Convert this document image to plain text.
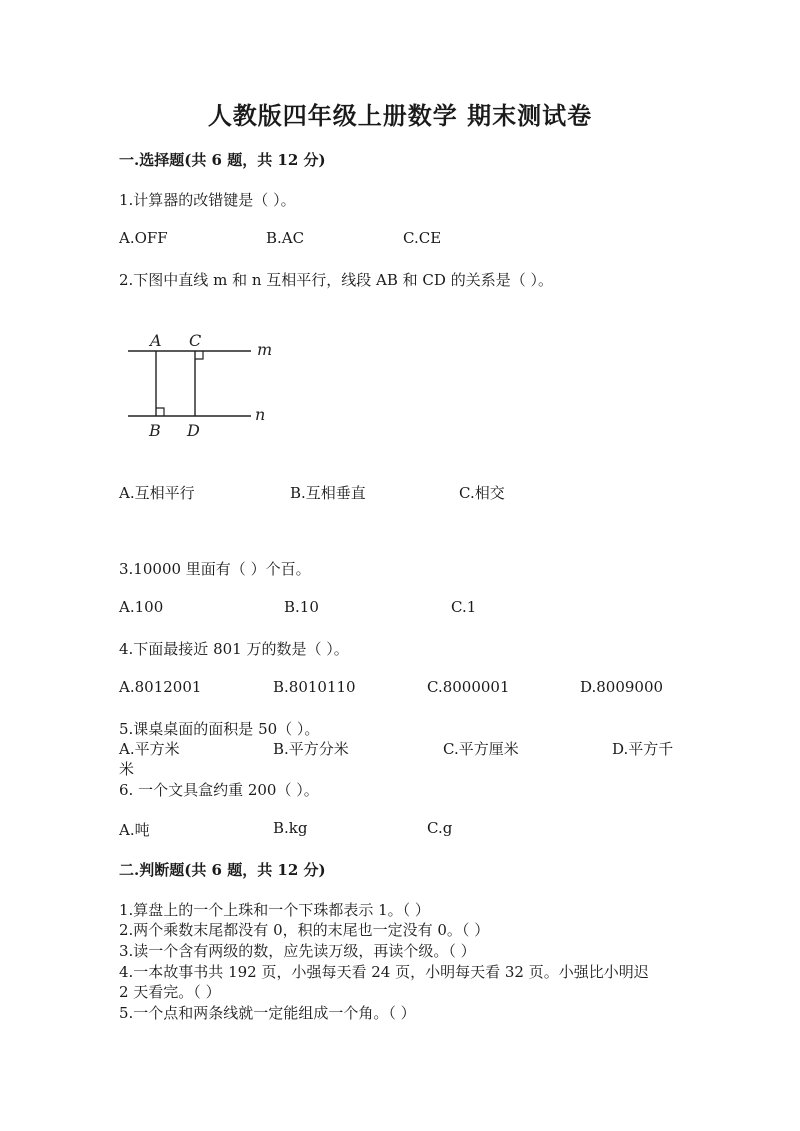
人教版四年级上册数学 期末测试卷
一.选择题(共 6 题，共 12 分)
1.计算器的改错键是（ ）。
A.OFF	B.AC	C.CE
2.下图中直线 m 和 n 互相平行，线段 AB 和 CD 的关系是（ ）。
A C	m
B D
n
A.互相平行	B.互相垂直	C.相交
3.10000 里面有（ ）个百。
A.100	B.10	C.1
4.下面最接近 801 万的数是（ ）。
A.8012001	B.8010110	C.8000001	D.8009000
5.课桌桌面的面积是 50（ ）。
A.平方米	B.平方分米	C.平方厘米	D.平方千
米
6. 一个文具盒约重 200（ ）。
A.吨	B.kg	C.g
二.判断题(共 6 题，共 12 分)
1.算盘上的一个上珠和一个下珠都表示 1。（ ）
2.两个乘数末尾都没有 0，积的末尾也一定没有 0。（ ）
3.读一个含有两级的数，应先读万级，再读个级。（ ）
4.一本故事书共 192 页，小强每天看 24 页，小明每天看 32 页。小强比小明迟
2 天看完。（ ）
5.一个点和两条线就一定能组成一个角。（ ）
